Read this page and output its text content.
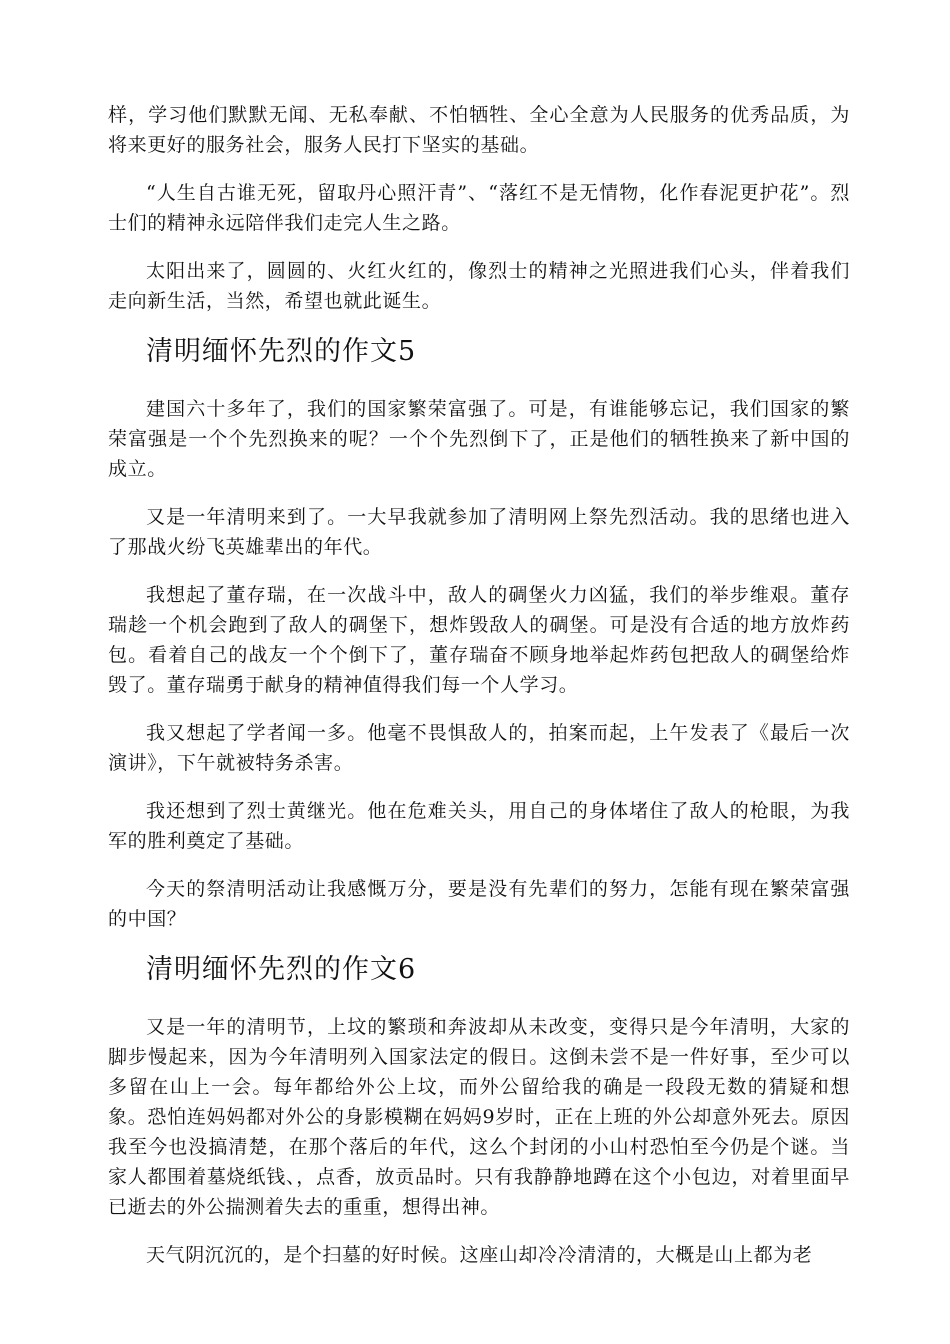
样，学习他们默默无闻、无私奉献、不怕牺牲、全心全意为人民服务的优秀品质，为将来更好的服务社会，服务人民打下坚实的基础。

“人生自古谁无死，留取丹心照汗青”、“落红不是无情物，化作春泥更护花”。烈士们的精神永远陪伴我们走完人生之路。

太阳出来了，圆圆的、火红火红的，像烈士的精神之光照进我们心头，伴着我们走向新生活，当然，希望也就此诞生。

清明缅怀先烈的作文5

建国六十多年了，我们的国家繁荣富强了。可是，有谁能够忘记，我们国家的繁荣富强是一个个先烈换来的呢？一个个先烈倒下了，正是他们的牺牲换来了新中国的成立。

又是一年清明来到了。一大早我就参加了清明网上祭先烈活动。我的思绪也进入了那战火纷飞英雄辈出的年代。

我想起了董存瑞，在一次战斗中，敌人的碉堡火力凶猛，我们的举步维艰。董存瑞趁一个机会跑到了敌人的碉堡下，想炸毁敌人的碉堡。可是没有合适的地方放炸药包。看着自己的战友一个个倒下了，董存瑞奋不顾身地举起炸药包把敌人的碉堡给炸毁了。董存瑞勇于献身的精神值得我们每一个人学习。

我又想起了学者闻一多。他毫不畏惧敌人的，拍案而起，上午发表了《最后一次演讲》，下午就被特务杀害。

我还想到了烈士黄继光。他在危难关头，用自己的身体堵住了敌人的枪眼，为我军的胜利奠定了基础。

今天的祭清明活动让我感慨万分，要是没有先辈们的努力，怎能有现在繁荣富强的中国？

清明缅怀先烈的作文6

又是一年的清明节，上坟的繁琐和奔波却从未改变，变得只是今年清明，大家的脚步慢起来，因为今年清明列入国家法定的假日。这倒未尝不是一件好事，至少可以多留在山上一会。每年都给外公上坟，而外公留给我的确是一段段无数的猜疑和想象。恐怕连妈妈都对外公的身影模糊在妈妈9岁时，正在上班的外公却意外死去。原因我至今也没搞清楚，在那个落后的年代，这么个封闭的小山村恐怕至今仍是个谜。当家人都围着墓烧纸钱、，点香，放贡品时。只有我静静地蹲在这个小包边，对着里面早已逝去的外公揣测着失去的重重，想得出神。

天气阴沉沉的，是个扫墓的好时候。这座山却冷冷清清的，大概是山上都为老
